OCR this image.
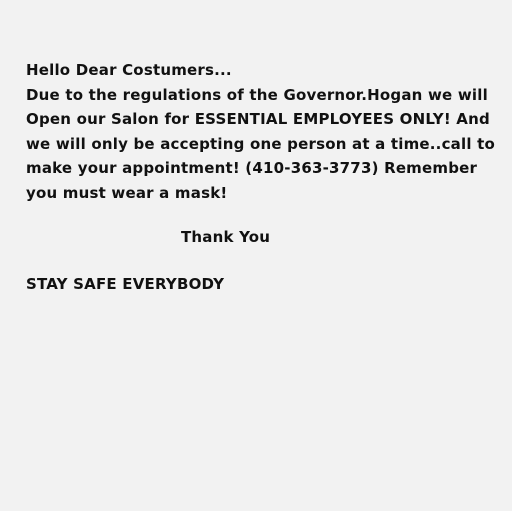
Hello Dear Costumers...
Due to the regulations of the Governor.Hogan we will
Open our Salon for ESSENTIAL EMPLOYEES ONLY! And
we will only be accepting one person at a time..call to
make your appointment! (410-363-3773) Remember
you must wear a mask!
Thank You
STAY SAFE EVERYBODY
